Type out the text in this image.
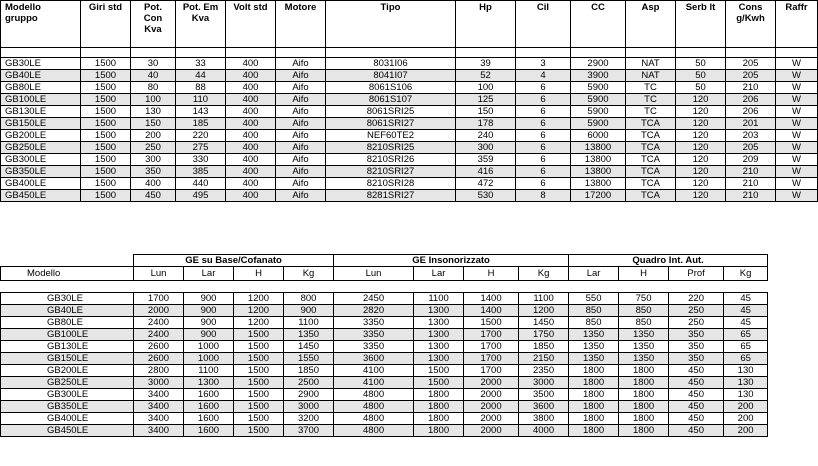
Modello gruppo	Giri std	Pot. Con Kva	Pot. Em Kva	Volt std	Motore	Tipo	Hp	Cil	CC	Asp	Serb lt	Cons g/Kwh	Raffr

GB30LE	1500	30	33	400	Aifo	8031I06	39	3	2900	NAT	50	205	W
GB40LE	1500	40	44	400	Aifo	8041I07	52	4	3900	NAT	50	205	W
GB80LE	1500	80	88	400	Aifo	8061S106	100	6	5900	TC	50	210	W
GB100LE	1500	100	110	400	Aifo	8061S107	125	6	5900	TC	120	206	W
GB130LE	1500	130	143	400	Aifo	8061SRI25	150	6	5900	TC	120	206	W
GB150LE	1500	150	185	400	Aifo	8061SRI27	178	6	5900	TCA	120	201	W
GB200LE	1500	200	220	400	Aifo	NEF60TE2	240	6	6000	TCA	120	203	W
GB250LE	1500	250	275	400	Aifo	8210SRI25	300	6	13800	TCA	120	205	W
GB300LE	1500	300	330	400	Aifo	8210SRI26	359	6	13800	TCA	120	209	W
GB350LE	1500	350	385	400	Aifo	8210SRI27	416	6	13800	TCA	120	210	W
GB400LE	1500	400	440	400	Aifo	8210SRI28	472	6	13800	TCA	120	210	W
GB450LE	1500	450	495	400	Aifo	8281SRI27	530	8	17200	TCA	120	210	W
	GE su Base/Cofanato				GE Insonorizzato				Quadro Int. Aut.			
Modello	Lun	Lar	H	Kg	Lun	Lar	H	Kg	Lar	H	Prof	Kg

GB30LE	1700	900	1200	800	2450	1100	1400	1100	550	750	220	45
GB40LE	2000	900	1200	900	2820	1300	1400	1200	850	850	250	45
GB80LE	2400	900	1200	1100	3350	1300	1500	1450	850	850	250	45
GB100LE	2400	900	1500	1350	3350	1300	1700	1750	1350	1350	350	65
GB130LE	2600	1000	1500	1450	3350	1300	1700	1850	1350	1350	350	65
GB150LE	2600	1000	1500	1550	3600	1300	1700	2150	1350	1350	350	65
GB200LE	2800	1100	1500	1850	4100	1500	1700	2350	1800	1800	450	130
GB250LE	3000	1300	1500	2500	4100	1500	2000	3000	1800	1800	450	130
GB300LE	3400	1600	1500	2900	4800	1800	2000	3500	1800	1800	450	130
GB350LE	3400	1600	1500	3000	4800	1800	2000	3600	1800	1800	450	200
GB400LE	3400	1600	1500	3200	4800	1800	2000	3800	1800	1800	450	200
GB450LE	3400	1600	1500	3700	4800	1800	2000	4000	1800	1800	450	200
